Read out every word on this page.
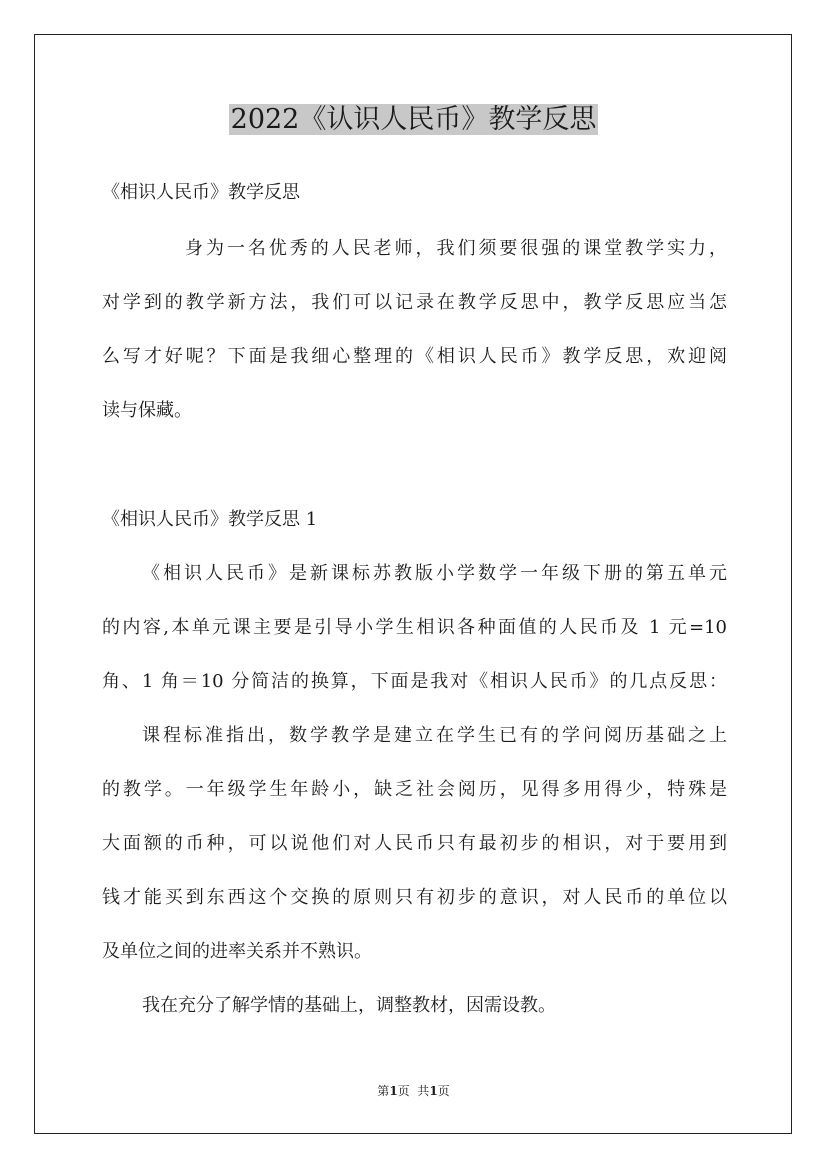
2022《认识人民币》教学反思

《相识人民币》教学反思

身为一名优秀的人民老师，我们须要很强的课堂教学实力，

对学到的教学新方法，我们可以记录在教学反思中，教学反思应当怎

么写才好呢？下面是我细心整理的《相识人民币》教学反思，欢迎阅

读与保藏。

《相识人民币》教学反思 1

《相识人民币》是新课标苏教版小学数学一年级下册的第五单元

的内容,本单元课主要是引导小学生相识各种面值的人民币及 1 元=10

角、1 角＝10 分简洁的换算，下面是我对《相识人民币》的几点反思：

课程标准指出，数学教学是建立在学生已有的学问阅历基础之上

的教学。一年级学生年龄小，缺乏社会阅历，见得多用得少，特殊是

大面额的币种，可以说他们对人民币只有最初步的相识，对于要用到

钱才能买到东西这个交换的原则只有初步的意识，对人民币的单位以

及单位之间的进率关系并不熟识。

我在充分了解学情的基础上，调整教材，因需设教。

第1页  共1页
